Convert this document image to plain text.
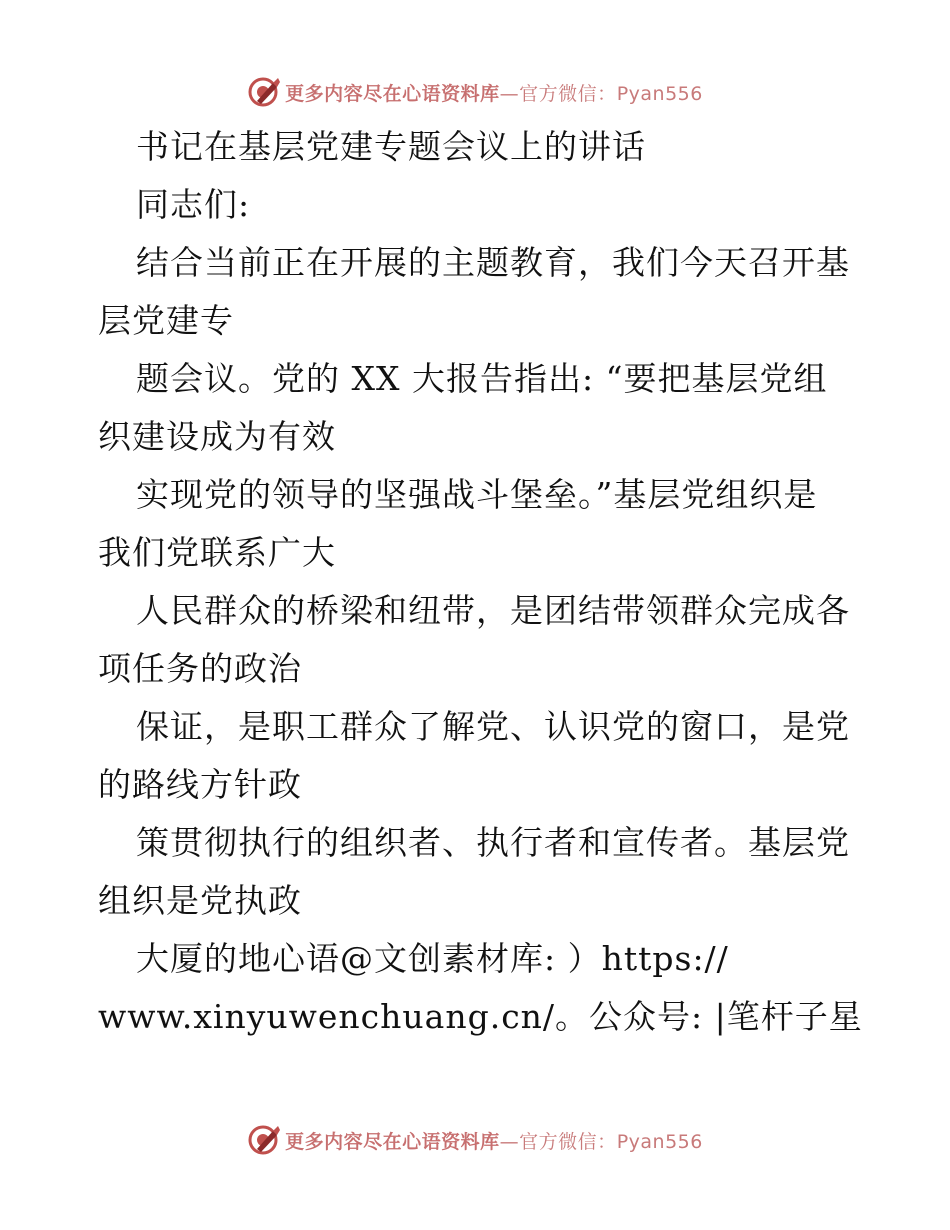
更多内容尽在心语资料库—官方微信：Pyan556
书记在基层党建专题会议上的讲话
同志们:
结合当前正在开展的主题教育，我们今天召开基
层党建专
题会议。党的 XX 大报告指出: “要把基层党组
织建设成为有效
实现党的领导的坚强战斗堡垒。”基层党组织是
我们党联系广大
人民群众的桥梁和纽带，是团结带领群众完成各
项任务的政治
保证，是职工群众了解党、认识党的窗口，是党
的路线方针政
策贯彻执行的组织者、执行者和宣传者。基层党
组织是党执政
大厦的地心语@文创素材库: ）https://
www.xinyuwenchuang.cn/。公众号: |笔杆子星
更多内容尽在心语资料库—官方微信：Pyan556
